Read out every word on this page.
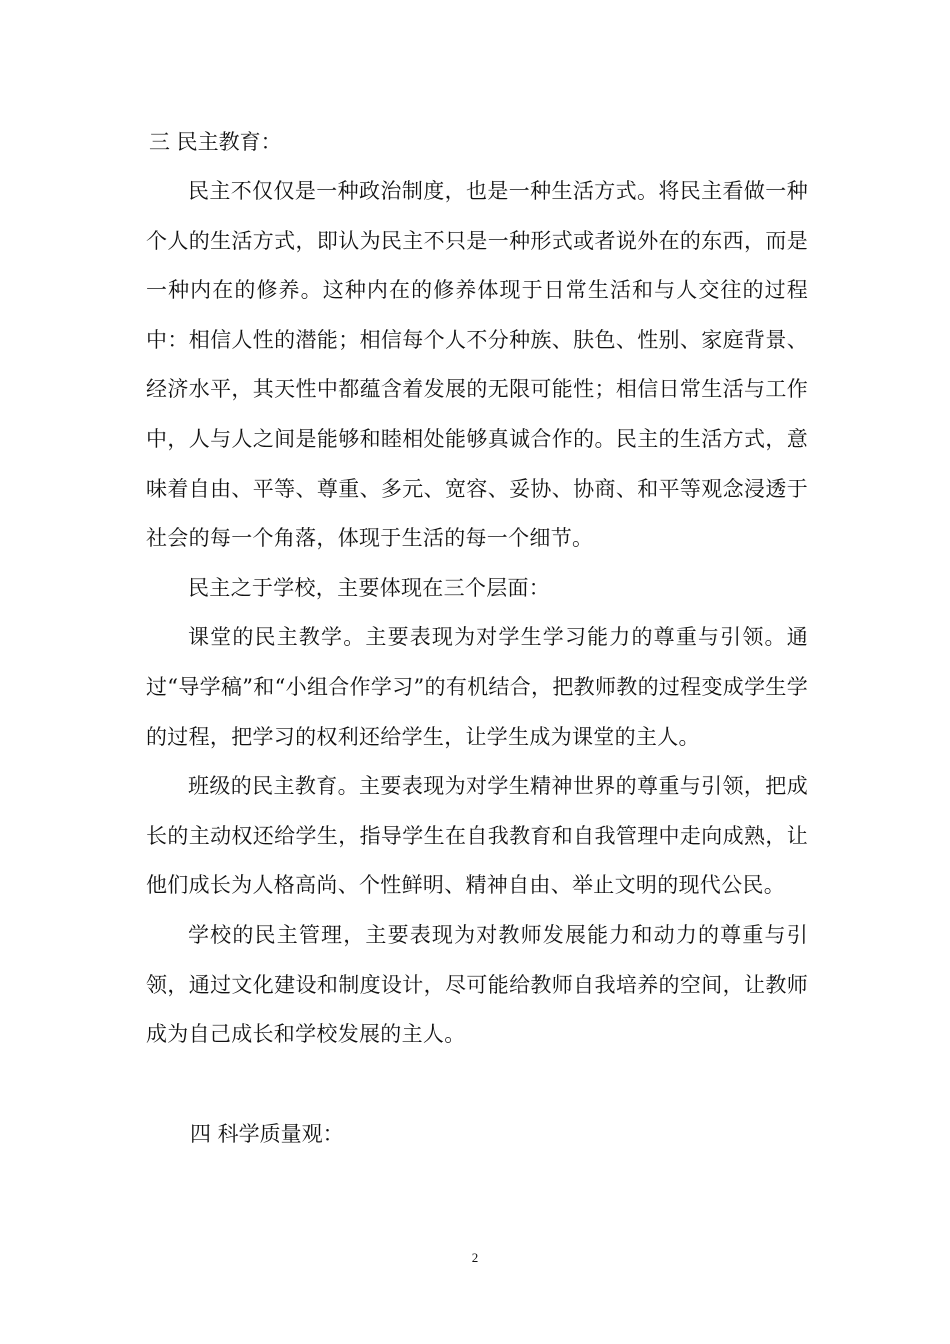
三 民主教育：

民主不仅仅是一种政治制度，也是一种生活方式。将民主看做一种个人的生活方式，即认为民主不只是一种形式或者说外在的东西，而是一种内在的修养。这种内在的修养体现于日常生活和与人交往的过程中：相信人性的潜能；相信每个人不分种族、肤色、性别、家庭背景、经济水平，其天性中都蕴含着发展的无限可能性；相信日常生活与工作中，人与人之间是能够和睦相处能够真诚合作的。民主的生活方式，意味着自由、平等、尊重、多元、宽容、妥协、协商、和平等观念浸透于社会的每一个角落，体现于生活的每一个细节。

民主之于学校，主要体现在三个层面：

课堂的民主教学。主要表现为对学生学习能力的尊重与引领。通过“导学稿”和“小组合作学习”的有机结合，把教师教的过程变成学生学的过程，把学习的权利还给学生，让学生成为课堂的主人。

班级的民主教育。主要表现为对学生精神世界的尊重与引领，把成长的主动权还给学生，指导学生在自我教育和自我管理中走向成熟，让他们成长为人格高尚、个性鲜明、精神自由、举止文明的现代公民。

学校的民主管理，主要表现为对教师发展能力和动力的尊重与引领，通过文化建设和制度设计，尽可能给教师自我培养的空间，让教师成为自己成长和学校发展的主人。

四 科学质量观：
2
